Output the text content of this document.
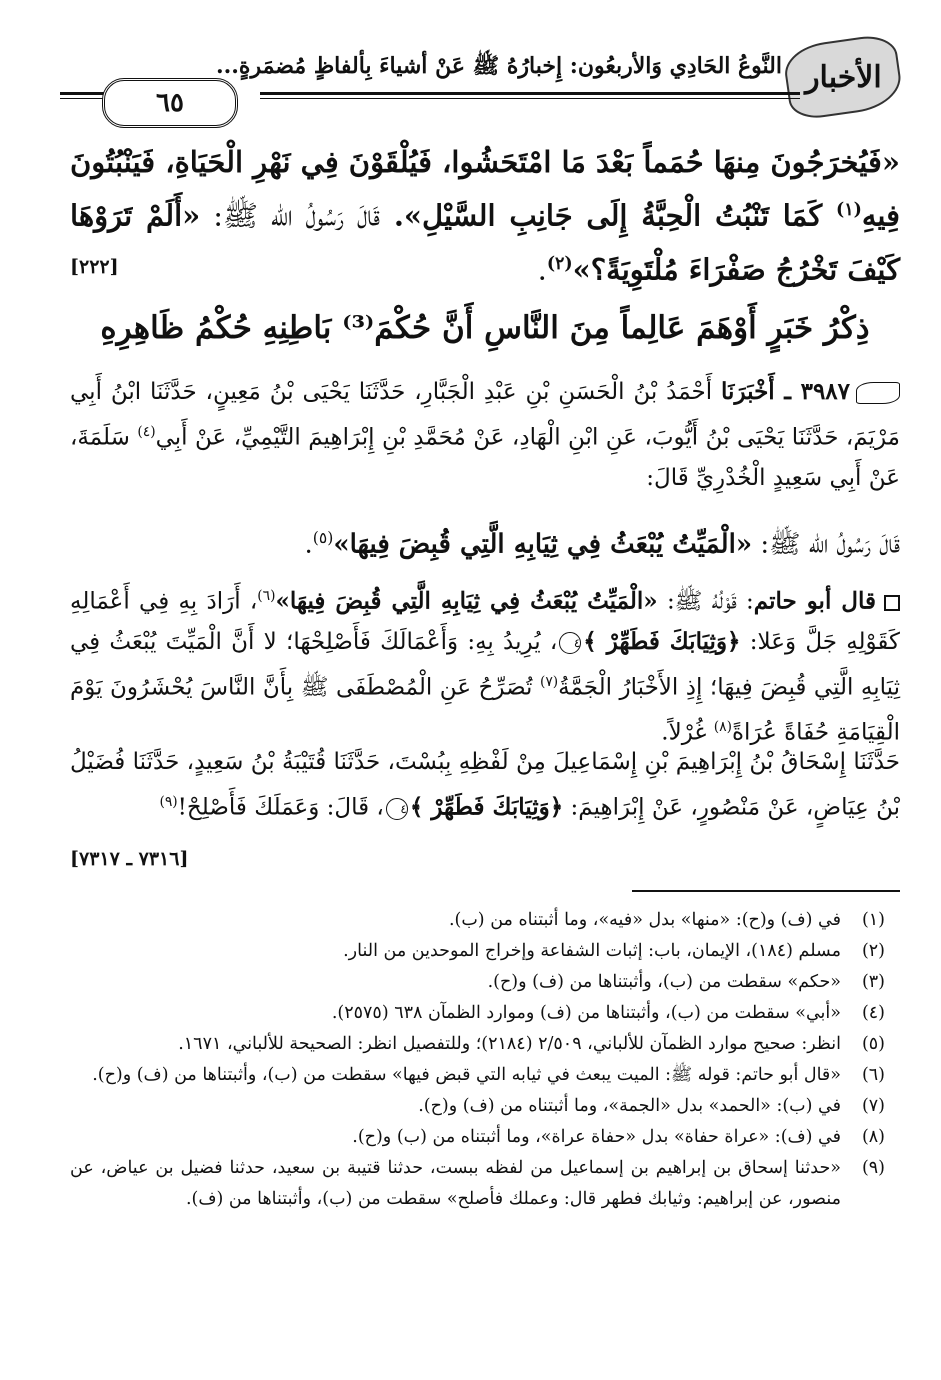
الأخبار
النَّوعُ الحَادِي وَالأربعُون: إِخبارُهُ ﷺ عَنْ أشياءَ بِألفاظٍ مُضمَرةٍ...
٦٥
«فَيُخرَجُونَ مِنهَا حُمَماً بَعْدَ مَا امْتَحَشُوا، فَيُلْقَوْنَ فِي نَهْرِ الْحَيَاةِ، فَيَنْبُتُونَ فِيهِ$^{(١)}$ كَمَا تَنْبُتُ الْحِبَّةُ إِلَى جَانِبِ السَّيْلِ». قَالَ رَسُولُ الله ﷺ: «أَلَمْ تَرَوْهَا كَيْفَ تَخْرُجُ صَفْرَاءَ مُلْتَوِيَةً؟»$^{(٢)}$.
[٢٢٢]
ذِكْرُ خَبَرٍ أَوْهَمَ عَالِماً مِنَ النَّاسِ أَنَّ حُكْمَ⁽³⁾ بَاطِنِهِ حُكْمُ ظَاهِرِهِ
٣٩٨٧ ـ أَخْبَرَنَا أَحْمَدُ بْنُ الْحَسَنِ بْنِ عَبْدِ الْجَبَّارِ، حَدَّثَنَا يَحْيَى بْنُ مَعِينٍ، حَدَّثَنَا ابْنُ أَبِي مَرْيَمَ، حَدَّثَنَا يَحْيَى بْنُ أَيُّوبَ، عَنِ ابْنِ الْهَادِ، عَنْ مُحَمَّدِ بْنِ إِبْرَاهِيمَ التَّيْمِيِّ، عَنْ أَبِي$^{(٤)}$ سَلَمَةَ، عَنْ أَبِي سَعِيدٍ الْخُدْرِيِّ قَالَ:
قَالَ رَسُولُ الله ﷺ: «الْمَيِّتُ يُبْعَثُ فِي ثِيَابِهِ الَّتِي قُبِضَ فِيهَا»$^{(٥)}$.
قال أبو حاتم: قَوْلُهُ ﷺ: «الْمَيِّتُ يُبْعَثُ فِي ثِيَابِهِ الَّتِي قُبِضَ فِيهَا»$^{(٦)}$، أَرَادَ بِهِ فِي أَعْمَالِهِ كَقَوْلِهِ جَلَّ وَعَلا: ﴿وَثِيَابَكَ فَطَهِّرْ ﴾٤، يُرِيدُ بِهِ: وَأَعْمَالَكَ فَأَصْلِحْهَا؛ لا أَنَّ الْمَيِّتَ يُبْعَثُ فِي ثِيَابِهِ الَّتِي قُبِضَ فِيهَا؛ إِذِ الأَخْبَارُ الْجَمَّةُ$^{(٧)}$ تُصَرِّحُ عَنِ الْمُصْطَفَى ﷺ بِأَنَّ النَّاسَ يُحْشَرُونَ يَوْمَ الْقِيَامَةِ حُفَاةً عُرَاةً$^{(٨)}$ غُرْلاً.
حَدَّثَنَا إِسْحَاقُ بْنُ إِبْرَاهِيمَ بْنِ إِسْمَاعِيلَ مِنْ لَفْظِهِ بِبُسْتَ، حَدَّثَنَا قُتَيْبَةُ بْنُ سَعِيدٍ، حَدَّثَنَا فُضَيْلُ بْنُ عِيَاضٍ، عَنْ مَنْصُورٍ، عَنْ إِبْرَاهِيمَ: ﴿وَثِيَابَكَ فَطَهِّرْ ﴾٤، قَالَ: وَعَمَلَكَ فَأَصْلِحْ!$^{(٩)}$
[٧٣١٦ ـ ٧٣١٧]
(١)
في (ف) و(ح): «منها» بدل «فيه»، وما أثبتناه من (ب).
(٢)
مسلم (١٨٤)، الإيمان، باب: إثبات الشفاعة وإخراج الموحدين من النار.
(٣)
«حكم» سقطت من (ب)، وأثبتناها من (ف) و(ح).
(٤)
«أبي» سقطت من (ب)، وأثبتناها من (ف) وموارد الظمآن ٦٣٨ (٢٥٧٥).
(٥)
انظر: صحيح موارد الظمآن للألباني، ٢/٥٠٩ (٢١٨٤)؛ وللتفصيل انظر: الصحيحة للألباني، ١٦٧١.
(٦)
«قال أبو حاتم: قوله ﷺ: الميت يبعث في ثيابه التي قبض فيها» سقطت من (ب)، وأثبتناها من (ف) و(ح).
(٧)
في (ب): «الحمد» بدل «الجمة»، وما أثبتناه من (ف) و(ح).
(٨)
في (ف): «عراة حفاة» بدل «حفاة عراة»، وما أثبتناه من (ب) و(ح).
(٩)
«حدثنا إسحاق بن إبراهيم بن إسماعيل من لفظه ببست، حدثنا قتيبة بن سعيد، حدثنا فضيل بن عياض، عن منصور، عن إبراهيم: وثيابك فطهر قال: وعملك فأصلح» سقطت من (ب)، وأثبتناها من (ف).
